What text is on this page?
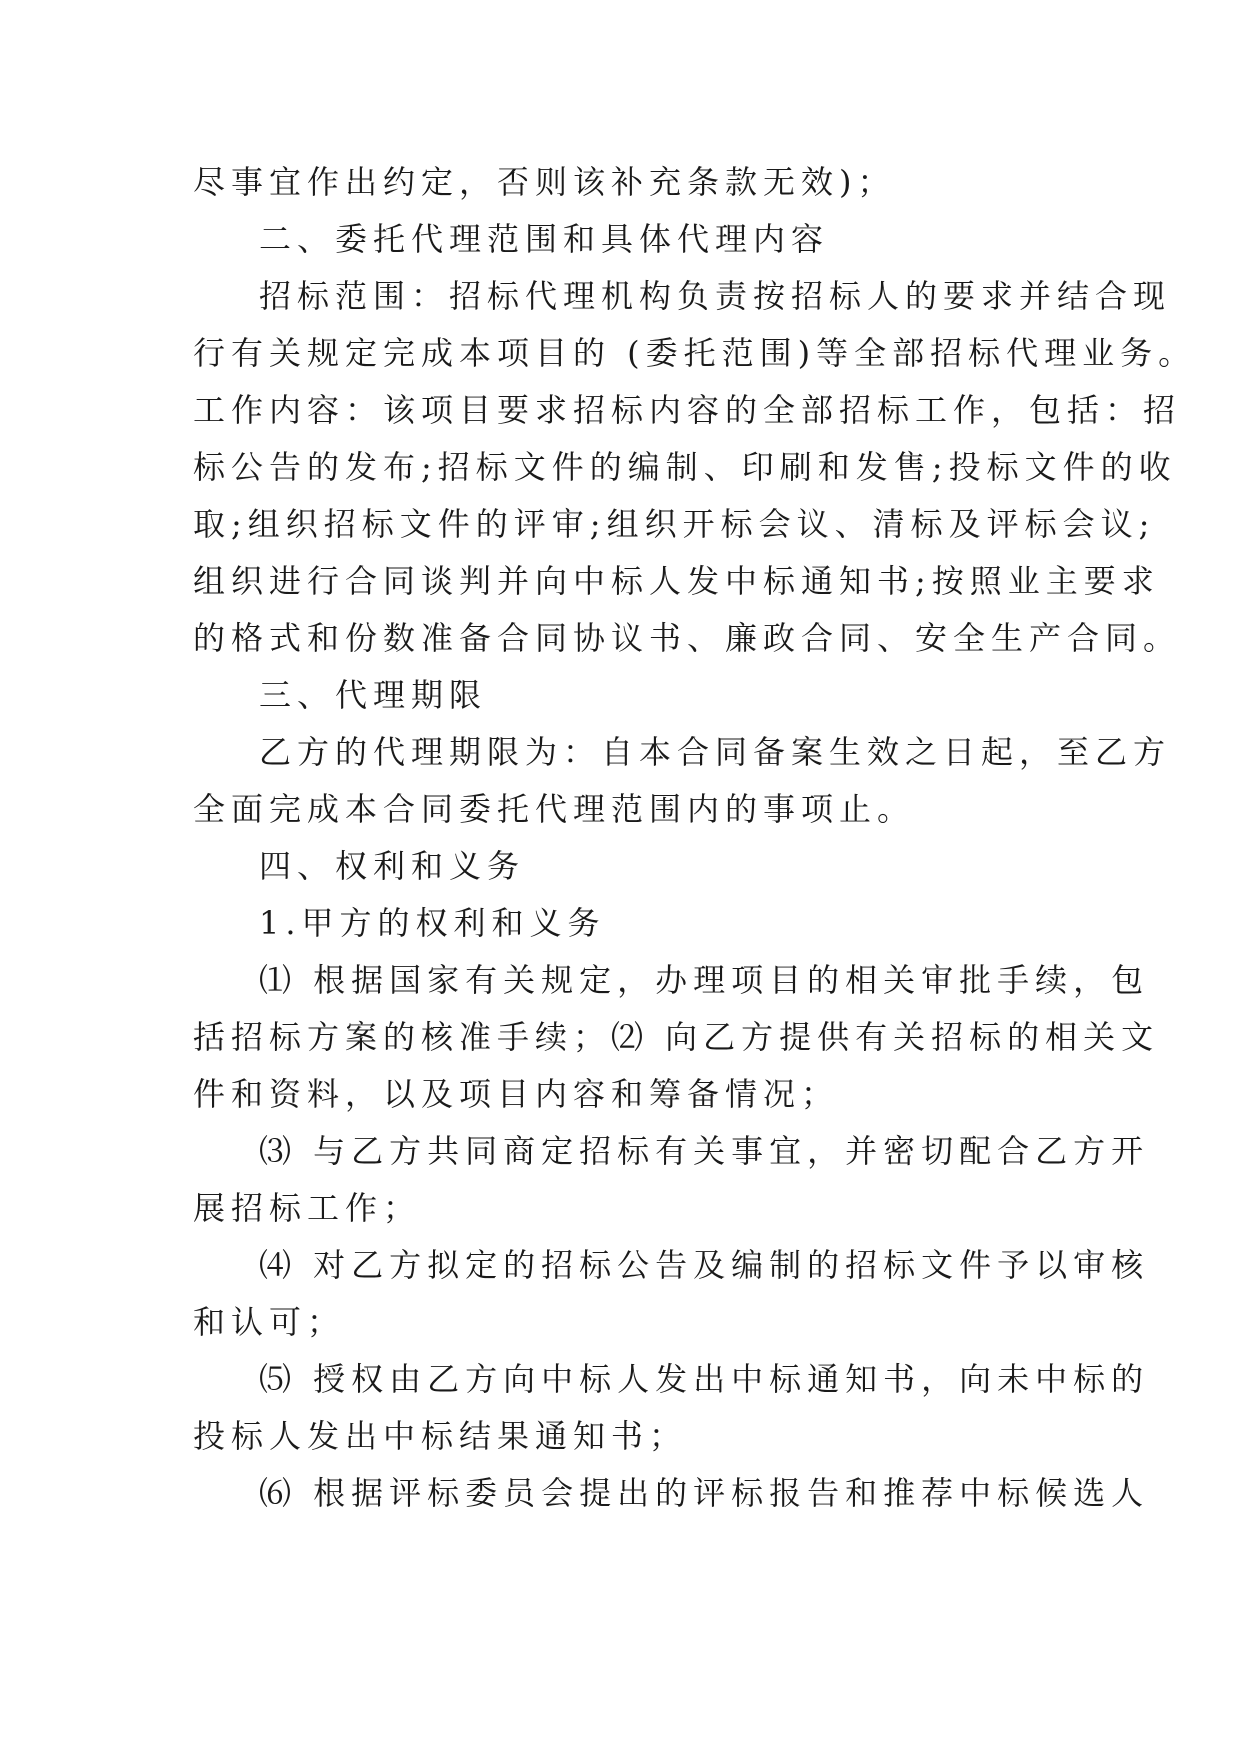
尽事宜作出约定，否则该补充条款无效)；
二、委托代理范围和具体代理内容
招标范围：招标代理机构负责按招标人的要求并结合现
行有关规定完成本项目的 (委托范围)等全部招标代理业务。
工作内容：该项目要求招标内容的全部招标工作，包括：招
标公告的发布;招标文件的编制、印刷和发售;投标文件的收
取;组织招标文件的评审;组织开标会议、清标及评标会议;
组织进行合同谈判并向中标人发中标通知书;按照业主要求
的格式和份数准备合同协议书、廉政合同、安全生产合同。
三、代理期限
乙方的代理期限为：自本合同备案生效之日起，至乙方
全面完成本合同委托代理范围内的事项止。
四、权利和义务
1.甲方的权利和义务
⑴ 根据国家有关规定，办理项目的相关审批手续，包
括招标方案的核准手续；⑵ 向乙方提供有关招标的相关文
件和资料，以及项目内容和筹备情况；
⑶ 与乙方共同商定招标有关事宜，并密切配合乙方开
展招标工作；
⑷ 对乙方拟定的招标公告及编制的招标文件予以审核
和认可；
⑸ 授权由乙方向中标人发出中标通知书，向未中标的
投标人发出中标结果通知书；
⑹ 根据评标委员会提出的评标报告和推荐中标候选人
